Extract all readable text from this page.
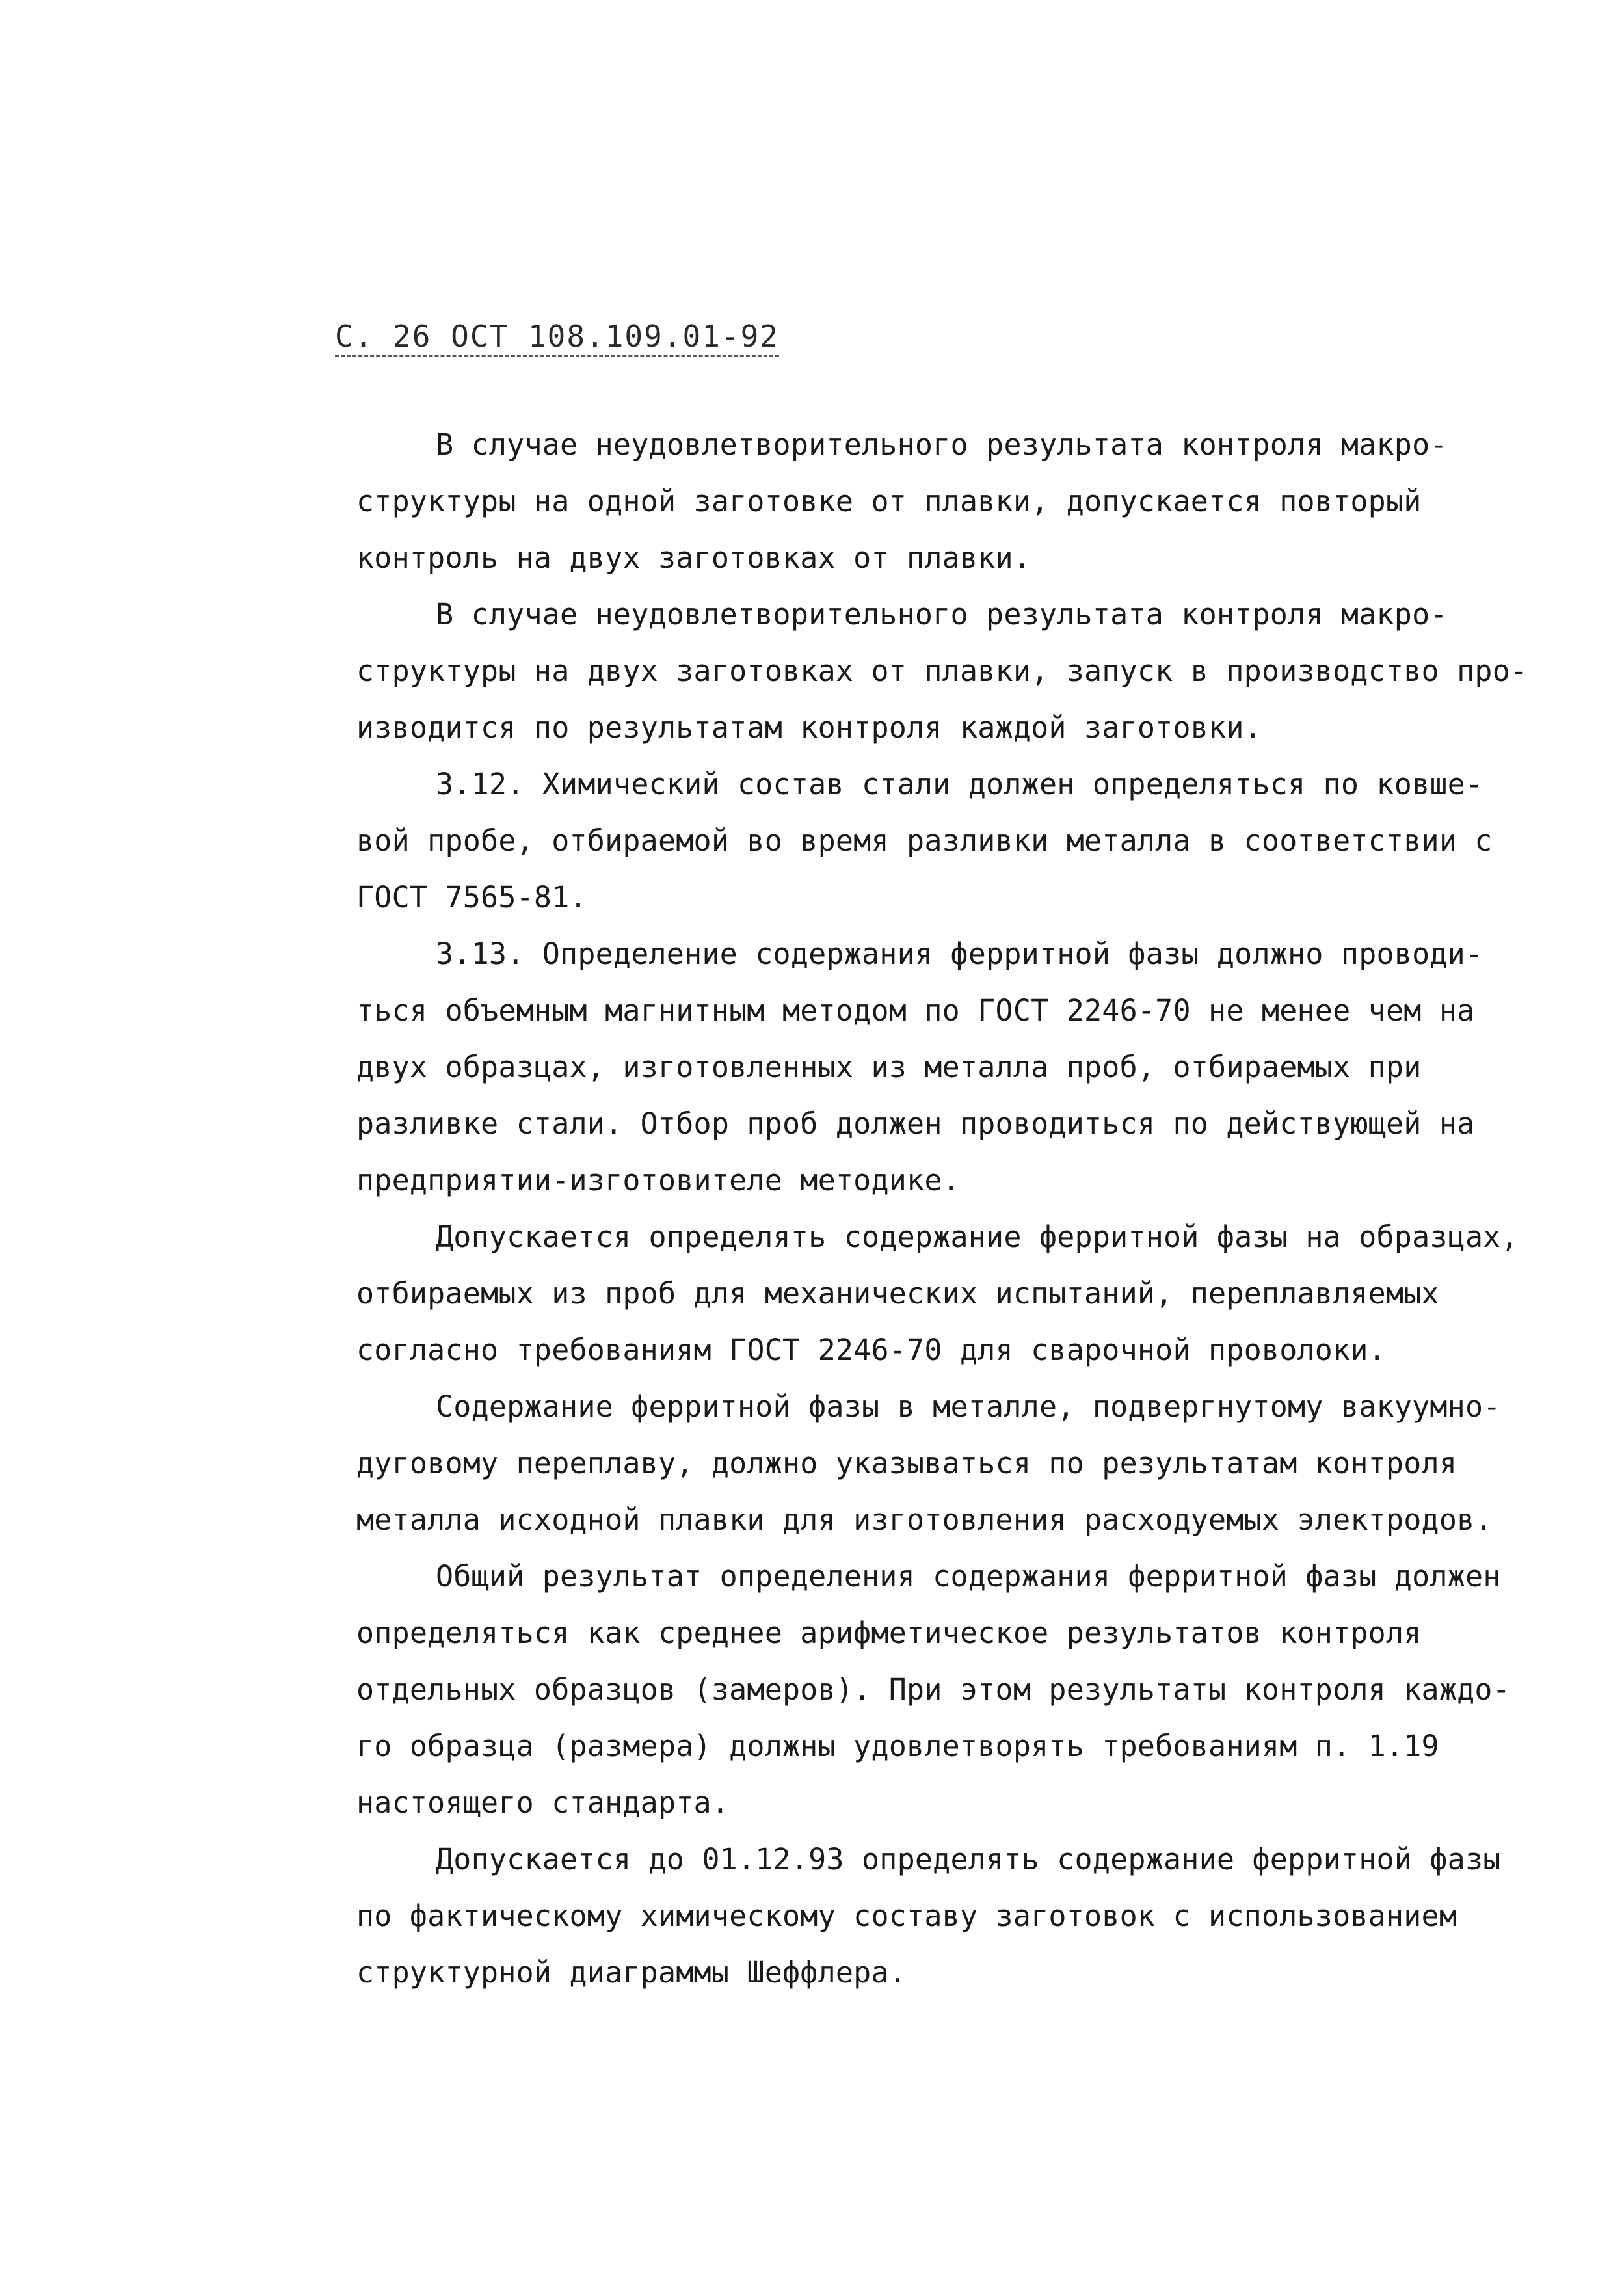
С. 26 ОСТ 108.109.01-92
В случае неудовлетворительного результата контроля макро-
структуры на одной заготовке от плавки, допускается повторый
контроль на двух заготовках от плавки.
В случае неудовлетворительного результата контроля макро-
структуры на двух заготовках от плавки, запуск в производство про-
изводится по результатам контроля каждой заготовки.
3.12. Химический состав стали должен определяться по ковше-
вой пробе, отбираемой во время разливки металла в соответствии с
ГОСТ 7565-81.
3.13. Определение содержания ферритной фазы должно проводи-
ться объемным магнитным методом по ГОСТ 2246-70 не менее чем на
двух образцах, изготовленных из металла проб, отбираемых при
разливке стали. Отбор проб должен проводиться по действующей на
предприятии-изготовителе методике.
Допускается определять содержание ферритной фазы на образцах,
отбираемых из проб для механических испытаний, переплавляемых
согласно требованиям ГОСТ 2246-70 для сварочной проволоки.
Содержание ферритной фазы в металле, подвергнутому вакуумно-
дуговому переплаву, должно указываться по результатам контроля
металла исходной плавки для изготовления расходуемых электродов.
Общий результат определения содержания ферритной фазы должен
определяться как среднее арифметическое результатов контроля
отдельных образцов (замеров). При этом результаты контроля каждо-
го образца (размера) должны удовлетворять требованиям п. 1.19
настоящего стандарта.
Допускается до 01.12.93 определять содержание ферритной фазы
по фактическому химическому составу заготовок с использованием
структурной диаграммы Шеффлера.
